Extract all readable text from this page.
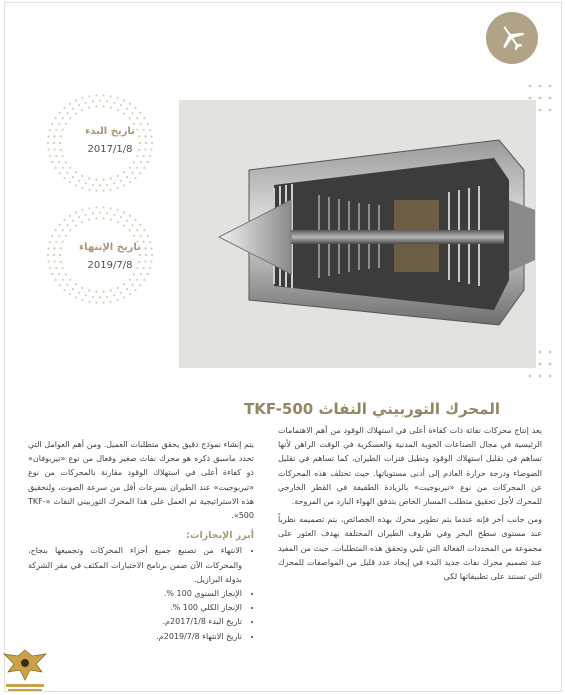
تاريخ البدء
2017/1/8
تاريخ الإنتهاء
2019/7/8
المحرك التوربيني النفاث TKF-500

يعد إنتاج محركات نفاثة ذات كفاءة أعلى في استهلاك الوقود من أهم الاهتمامات الرئيسية في مجال الصناعات الجوية المدنية والعسكرية في الوقت الراهن لأنها تساهم في تقليل استهلاك الوقود وتطيل فترات الطيران، كما تساهم في تقليل الضوضاء ودرجة حرارة العادم إلى أدنى مستوياتها. حيث تختلف هذه المحركات عن المحركات من نوع «تيربوجيت» بالزيادة الطفيفة في القطر الخارجي للمحرك لأجل تحقيق متطلب المسار الخاص بتدفق الهواء البارد من المروحة.

ومن جانب آخر فإنه عندما يتم تطوير محرك بهذه الخصائص، يتم تصميمه نظرياً عند مستوى سطح البحر وفي ظروف الطيران المختلفة بهدف العثور على مجموعة من المحددات الفعالة التي تلبي وتحقق هذه المتطلبات. حيث من المفيد عند تصميم محرك نفاث جديد البدء في إيجاد عدد قليل من المواصفات للمحرك التي تستند على تطبيقاتها لكي

يتم إنشاء نموذج دقيق يحقق متطلبات العميل. ومن أهم العوامل التي تحدد ماسبق ذكره هو محرك نفاث صغير وفعال من نوع «تيربوفان» ذو كفاءة أعلى في استهلاك الوقود مقارنة بالمحركات من نوع «تيربوجيت» عند الطيران بسرعات أقل من سرعة الصوت، ولتحقيق هذه الاستراتيجية تم العمل على هذا المحرك التوربيني النفاث «TKF-500».

أبرز الإنجازات:
• الانتهاء من تصنيع جميع أجزاء المحركات وتجميعها بنجاح، والمحركات الآن ضمن برنامج الاختبارات المكثف في مقر الشركة بدولة البرازيل.
• الإنجاز السنوي 100 %.
• الإنجاز الكلي 100 %.
• تاريخ البدء 2017/1/8م.
• تاريخ الانتهاء 2019/7/8م.
